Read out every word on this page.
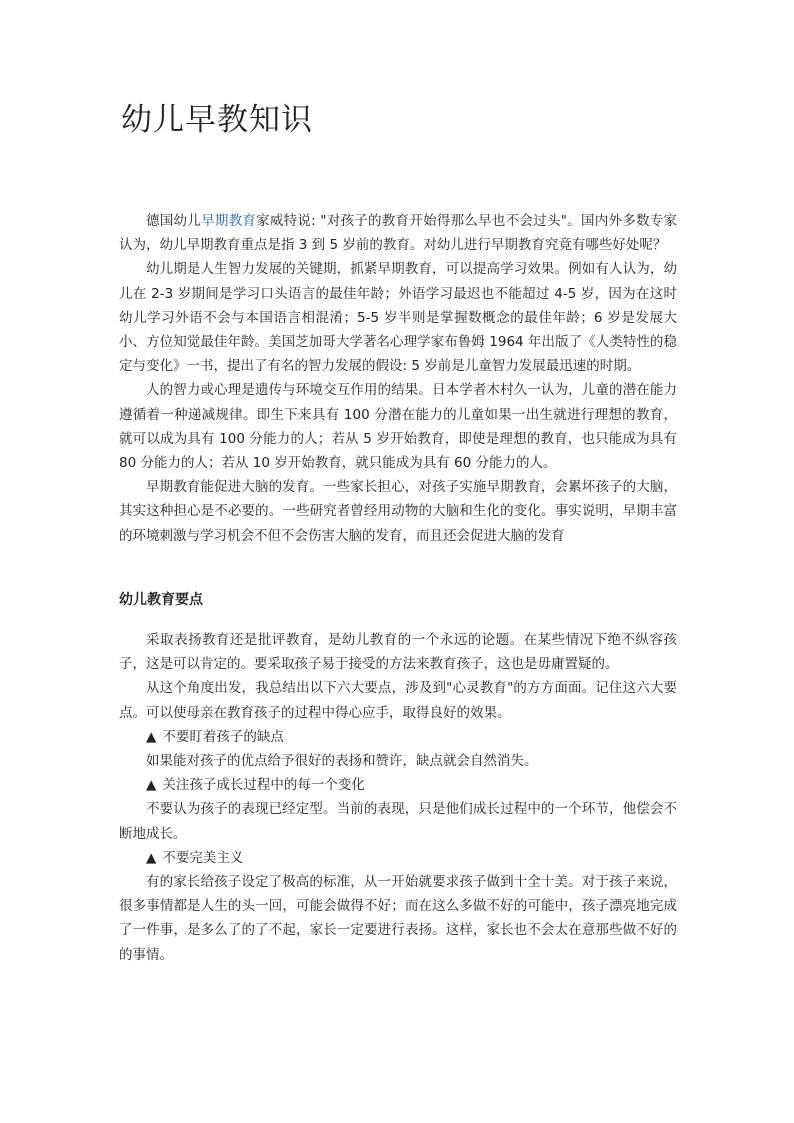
幼儿早教知识

德国幼儿早期教育家威特说: "对孩子的教育开始得那么早也不会过头"。国内外多数专家认为，幼儿早期教育重点是指 3 到 5 岁前的教育。对幼儿进行早期教育究竟有哪些好处呢？

幼儿期是人生智力发展的关键期，抓紧早期教育，可以提高学习效果。例如有人认为，幼儿在 2-3 岁期间是学习口头语言的最佳年龄；外语学习最迟也不能超过 4-5 岁，因为在这时幼儿学习外语不会与本国语言相混淆；5-5 岁半则是掌握数概念的最佳年龄；6 岁是发展大小、方位知觉最佳年龄。美国芝加哥大学著名心理学家布鲁姆 1964 年出版了《人类特性的稳定与变化》一书，提出了有名的智力发展的假设: 5 岁前是儿童智力发展最迅速的时期。

人的智力或心理是遗传与环境交互作用的结果。日本学者木村久一认为，儿童的潜在能力遵循着一种递减规律。即生下来具有 100 分潜在能力的儿童如果一出生就进行理想的教育，就可以成为具有 100 分能力的人；若从 5 岁开始教育，即使是理想的教育，也只能成为具有 80 分能力的人；若从 10 岁开始教育，就只能成为具有 60 分能力的人。

早期教育能促进大脑的发育。一些家长担心，对孩子实施早期教育，会累坏孩子的大脑，其实这种担心是不必要的。一些研究者曾经用动物的大脑和生化的变化。事实说明，早期丰富的环境刺激与学习机会不但不会伤害大脑的发育，而且还会促进大脑的发育

幼儿教育要点

采取表扬教育还是批评教育，是幼儿教育的一个永远的论题。在某些情况下绝不纵容孩子，这是可以肯定的。要采取孩子易于接受的方法来教育孩子，这也是毋庸置疑的。

从这个角度出发，我总结出以下六大要点，涉及到"心灵教育"的方方面面。记住这六大要点。可以使母亲在教育孩子的过程中得心应手，取得良好的效果。

▲ 不要盯着孩子的缺点

如果能对孩子的优点给予很好的表扬和赞许，缺点就会自然消失。

▲ 关注孩子成长过程中的每一个变化

不要认为孩子的表现已经定型。当前的表现，只是他们成长过程中的一个环节，他偿会不断地成长。

▲ 不要完美主义

有的家长给孩子设定了极高的标准，从一开始就要求孩子做到十全十美。对于孩子来说，很多事情都是人生的头一回，可能会做得不好；而在这么多做不好的可能中，孩子漂亮地完成了一件事，是多么了的了不起，家长一定要进行表扬。这样，家长也不会太在意那些做不好的的事情。
